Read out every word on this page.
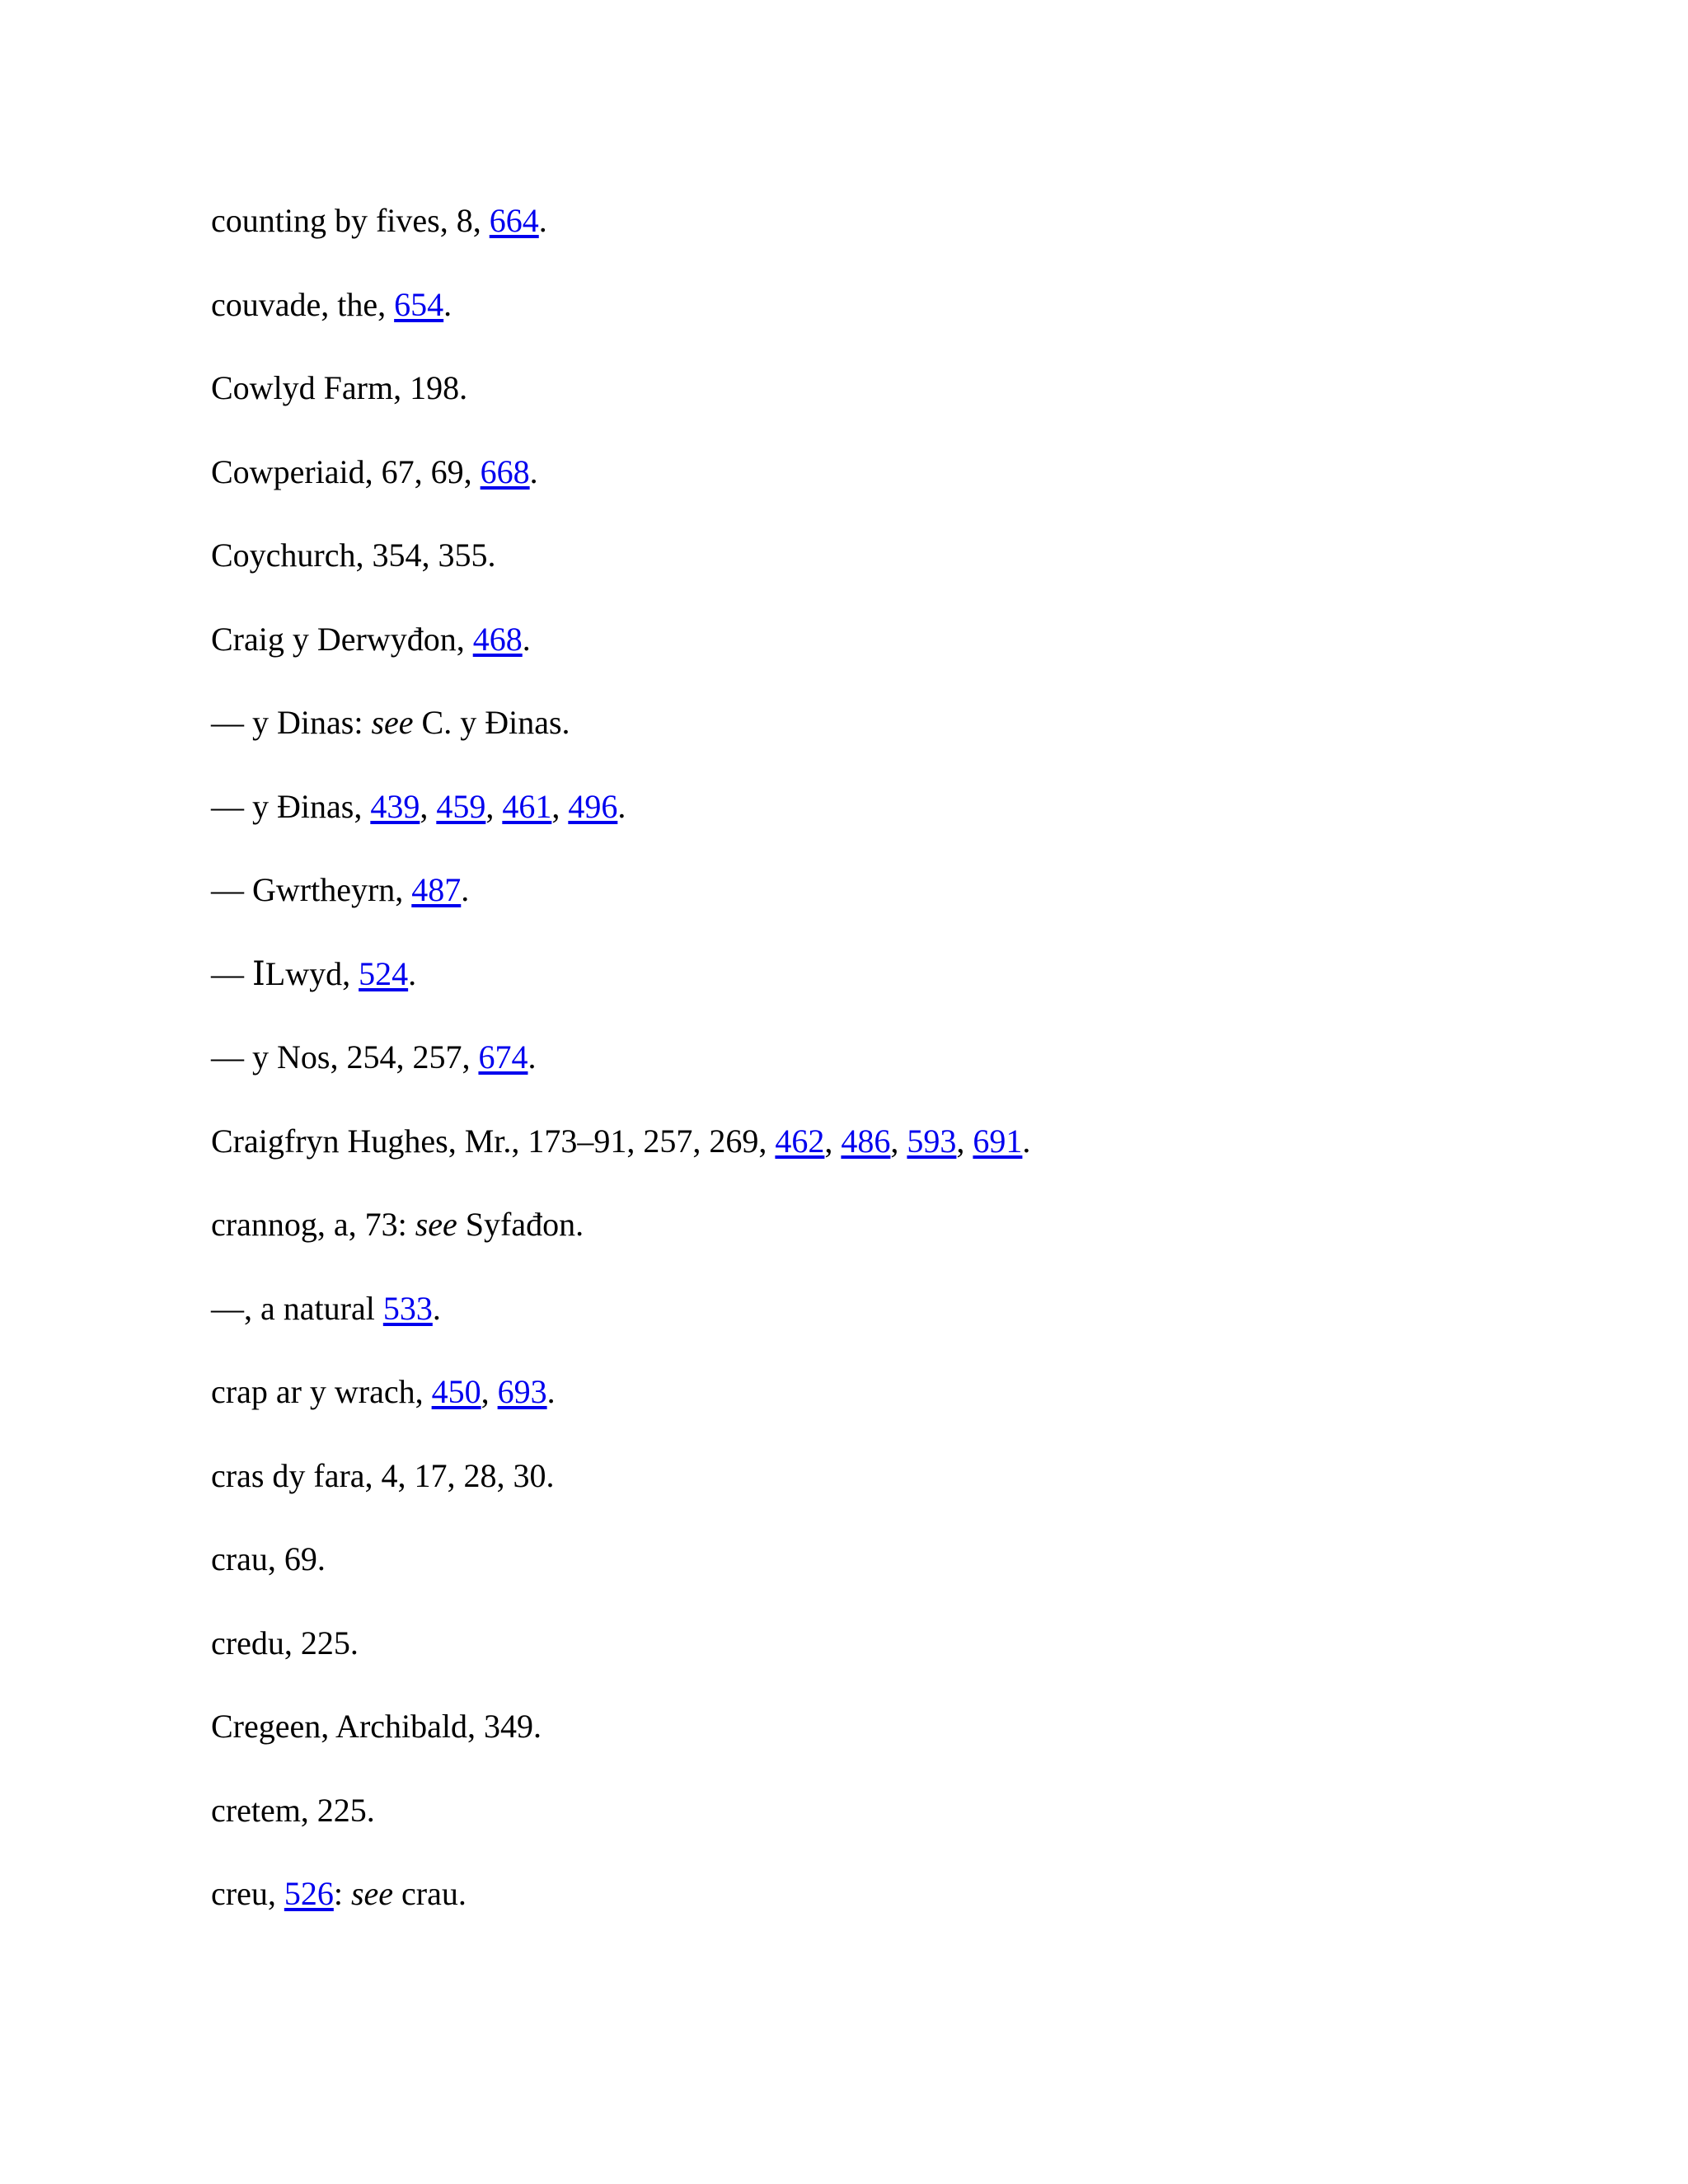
counting by fives, 8, 664.
couvade, the, 654.
Cowlyd Farm, 198.
Cowperiaid, 67, 69, 668.
Coychurch, 354, 355.
Craig y Derwyđon, 468.
— y Dinas: see C. y Đinas.
— y Đinas, 439, 459, 461, 496.
— Gwrtheyrn, 487.
— ⅠLwyd, 524.
— y Nos, 254, 257, 674.
Craigfryn Hughes, Mr., 173–91, 257, 269, 462, 486, 593, 691.
crannog, a, 73: see Syfađon.
—, a natural 533.
crap ar y wrach, 450, 693.
cras dy fara, 4, 17, 28, 30.
crau, 69.
credu, 225.
Cregeen, Archibald, 349.
cretem, 225.
creu, 526: see crau.
